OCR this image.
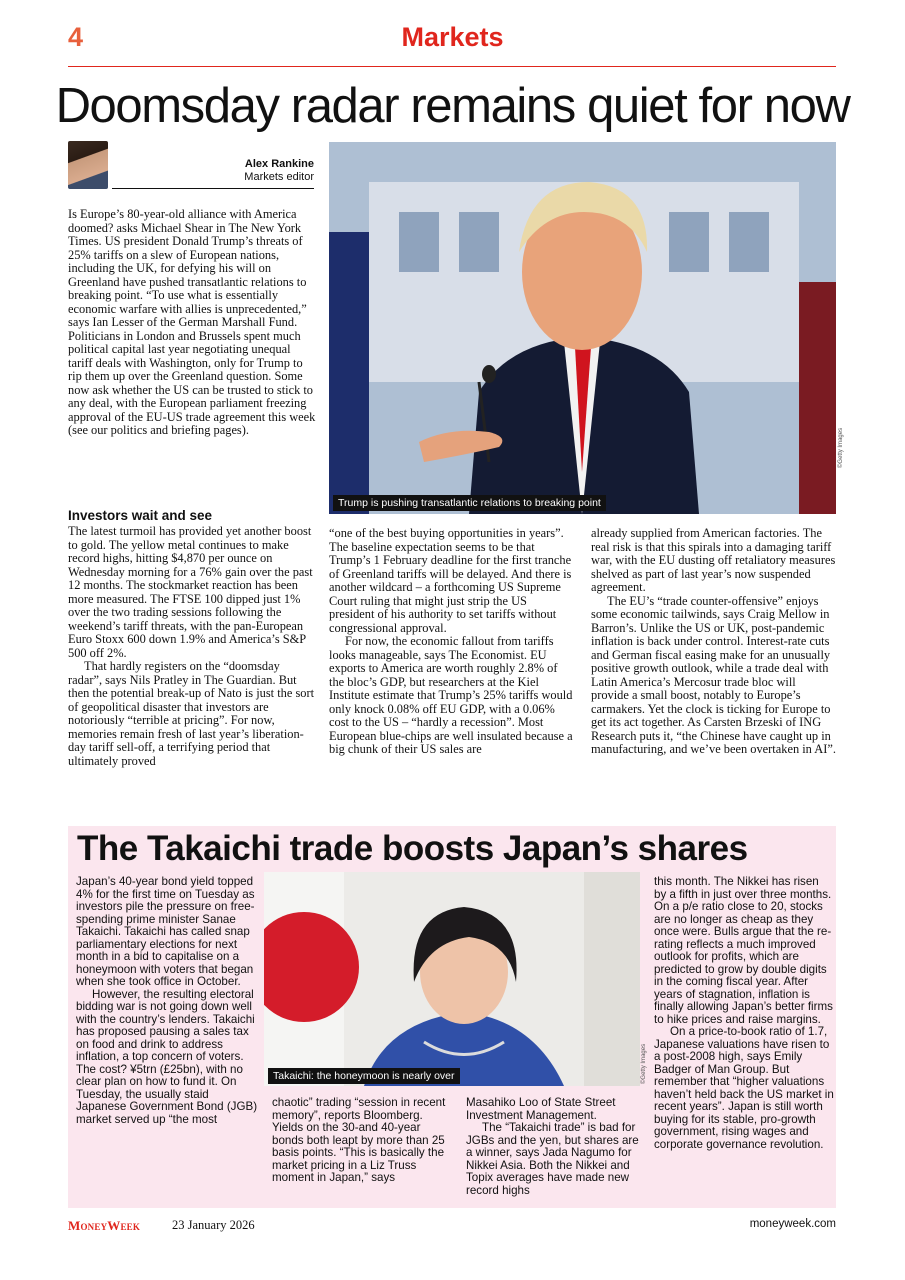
4	Markets
Doomsday radar remains quiet for now
Alex Rankine
Markets editor
Trump is pushing transatlantic relations to breaking point
©Getty Images

Is Europe’s 80-year-old alliance with America doomed? asks Michael Shear in The New York Times. US president Donald Trump’s threats of 25% tariffs on a slew of European nations, including the UK, for defying his will on Greenland have pushed transatlantic relations to breaking point. “To use what is essentially economic warfare with allies is unprecedented,” says Ian Lesser of the German Marshall Fund. Politicians in London and Brussels spent much political capital last year negotiating unequal tariff deals with Washington, only for Trump to rip them up over the Greenland question. Some now ask whether the US can be trusted to stick to any deal, with the European parliament freezing approval of the EU-US trade agreement this week (see our politics and briefing pages).

Investors wait and see

The latest turmoil has provided yet another boost to gold. The yellow metal continues to make record highs, hitting $4,870 per ounce on Wednesday morning for a 76% gain over the past 12 months. The stockmarket reaction has been more measured. The FTSE 100 dipped just 1% over the two trading sessions following the weekend’s tariff threats, with the pan-European Euro Stoxx 600 down 1.9% and America’s S&P 500 off 2%.

That hardly registers on the “doomsday radar”, says Nils Pratley in The Guardian. But then the potential break-up of Nato is just the sort of geopolitical disaster that investors are notoriously “terrible at pricing”. For now, memories remain fresh of last year’s liberation-day tariff sell-off, a terrifying period that ultimately proved

“one of the best buying opportunities in years”. The baseline expectation seems to be that Trump’s 1 February deadline for the first tranche of Greenland tariffs will be delayed. And there is another wildcard – a forthcoming US Supreme Court ruling that might just strip the US president of his authority to set tariffs without congressional approval.

For now, the economic fallout from tariffs looks manageable, says The Economist. EU exports to America are worth roughly 2.8% of the bloc’s GDP, but researchers at the Kiel Institute estimate that Trump’s 25% tariffs would only knock 0.08% off EU GDP, with a 0.06% cost to the US – “hardly a recession”. Most European blue-chips are well insulated because a big chunk of their US sales are

already supplied from American factories. The real risk is that this spirals into a damaging tariff war, with the EU dusting off retaliatory measures shelved as part of last year’s now suspended agreement.

The EU’s “trade counter-offensive” enjoys some economic tailwinds, says Craig Mellow in Barron’s. Unlike the US or UK, post-pandemic inflation is back under control. Interest-rate cuts and German fiscal easing make for an unusually positive growth outlook, while a trade deal with Latin America’s Mercosur trade bloc will provide a small boost, notably to Europe’s carmakers. Yet the clock is ticking for Europe to get its act together. As Carsten Brzeski of ING Research puts it, “the Chinese have caught up in manufacturing, and we’ve been overtaken in AI”.

The Takaichi trade boosts Japan’s shares
Takaichi: the honeymoon is nearly over	©Getty Images

Japan’s 40-year bond yield topped 4% for the first time on Tuesday as investors pile the pressure on free-spending prime minister Sanae Takaichi. Takaichi has called snap parliamentary elections for next month in a bid to capitalise on a honeymoon with voters that began when she took office in October.

However, the resulting electoral bidding war is not going down well with the country’s lenders. Takaichi has proposed pausing a sales tax on food and drink to address inflation, a top concern of voters. The cost? ¥5trn (£25bn), with no clear plan on how to fund it. On Tuesday, the usually staid Japanese Government Bond (JGB) market served up “the most

chaotic” trading “session in recent memory”, reports Bloomberg. Yields on the 30-and 40-year bonds both leapt by more than 25 basis points. “This is basically the market pricing in a Liz Truss moment in Japan,” says

Masahiko Loo of State Street Investment Management.

The “Takaichi trade” is bad for JGBs and the yen, but shares are a winner, says Jada Nagumo for Nikkei Asia. Both the Nikkei and Topix averages have made new record highs

this month. The Nikkei has risen by a fifth in just over three months. On a p/e ratio close to 20, stocks are no longer as cheap as they once were. Bulls argue that the re-rating reflects a much improved outlook for profits, which are predicted to grow by double digits in the coming fiscal year. After years of stagnation, inflation is finally allowing Japan’s better firms to hike prices and raise margins.

On a price-to-book ratio of 1.7, Japanese valuations have risen to a post-2008 high, says Emily Badger of Man Group. But remember that “higher valuations haven’t held back the US market in recent years”. Japan is still worth buying for its stable, pro-growth government, rising wages and corporate governance revolution.

MoneyWeek	23 January 2026	moneyweek.com
